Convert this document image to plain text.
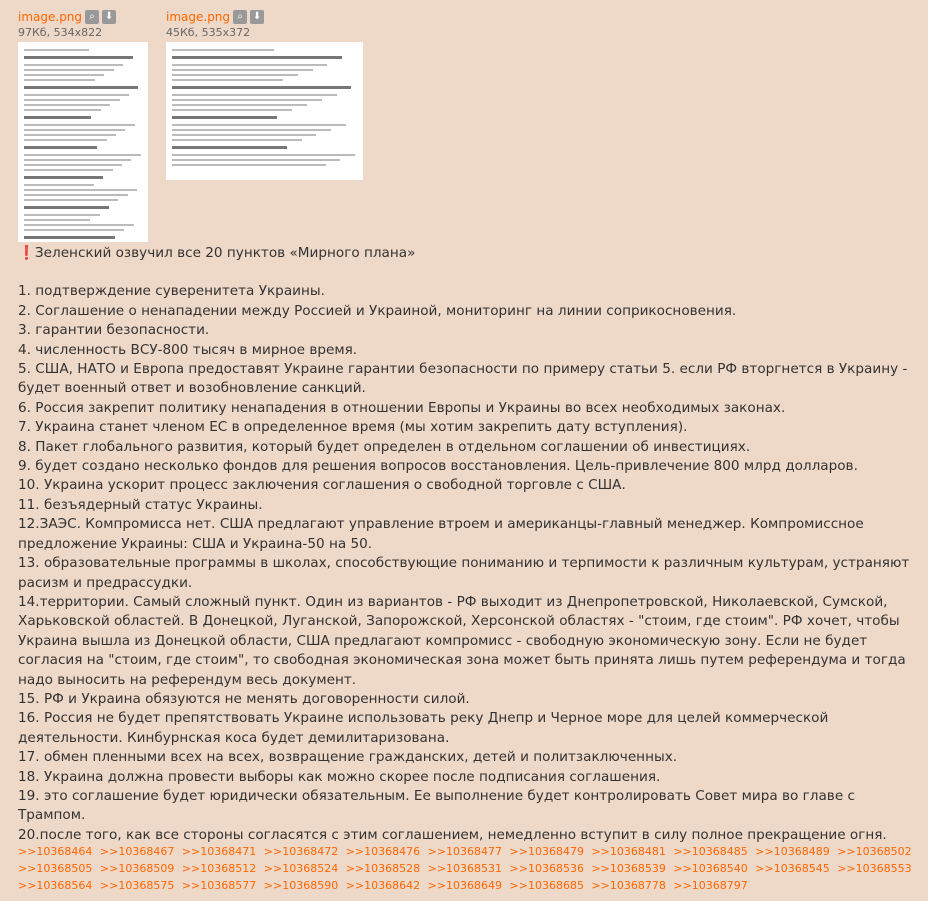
image.png ⌕	⬇
97Кб, 534x822
image.png ⌕	⬇
45Кб, 535x372

❗Зеленский озвучил все 20 пунктов «Мирного плана»

1. подтверждение суверенитета Украины.

2. Соглашение о ненападении между Россией и Украиной, мониторинг на линии соприкосновения.

3. гарантии безопасности.

4. численность ВСУ-800 тысяч в мирное время.

5. США, НАТО и Европа предоставят Украине гарантии безопасности по примеру статьи 5. если РФ вторгнется в Украину - будет военный ответ и возобновление санкций.

6. Россия закрепит политику ненападения в отношении Европы и Украины во всех необходимых законах.

7. Украина станет членом ЕС в определенное время (мы хотим закрепить дату вступления).

8. Пакет глобального развития, который будет определен в отдельном соглашении об инвестициях.

9. будет создано несколько фондов для решения вопросов восстановления. Цель-привлечение 800 млрд долларов.

10. Украина ускорит процесс заключения соглашения о свободной торговле с США.

11. безъядерный статус Украины.

12.ЗАЭС. Компромисса нет. США предлагают управление втроем и американцы-главный менеджер. Компромиссное предложение Украины: США и Украина-50 на 50.

13. образовательные программы в школах, способствующие пониманию и терпимости к различным культурам, устраняют расизм и предрассудки.

14.территории. Самый сложный пункт. Один из вариантов - РФ выходит из Днепропетровской, Николаевской, Сумской, Харьковской областей. В Донецкой, Луганской, Запорожской, Херсонской областях - "стоим, где стоим". РФ хочет, чтобы Украина вышла из Донецкой области, США предлагают компромисс - свободную экономическую зону. Если не будет согласия на "стоим, где стоим", то свободная экономическая зона может быть принята лишь путем референдума и тогда надо выносить на референдум весь документ.

15. РФ и Украина обязуются не менять договоренности силой.

16. Россия не будет препятствовать Украине использовать реку Днепр и Черное море для целей коммерческой деятельности. Кинбурнская коса будет демилитаризована.

17. обмен пленными всех на всех, возвращение гражданских, детей и политзаключенных.

18. Украина должна провести выборы как можно скорее после подписания соглашения.

19. это соглашение будет юридически обязательным. Ее выполнение будет контролировать Совет мира во главе с Трампом.

20.после того, как все стороны согласятся с этим соглашением, немедленно вступит в силу полное прекращение огня.

>>10368464 >>10368467 >>10368471 >>10368472 >>10368476 >>10368477 >>10368479 >>10368481 >>10368485 >>10368489 >>10368502 >>10368505 >>10368509 >>10368512 >>10368524 >>10368528 >>10368531 >>10368536 >>10368539 >>10368540 >>10368545 >>10368553 >>10368564 >>10368575 >>10368577 >>10368590 >>10368642 >>10368649 >>10368685 >>10368778 >>10368797
